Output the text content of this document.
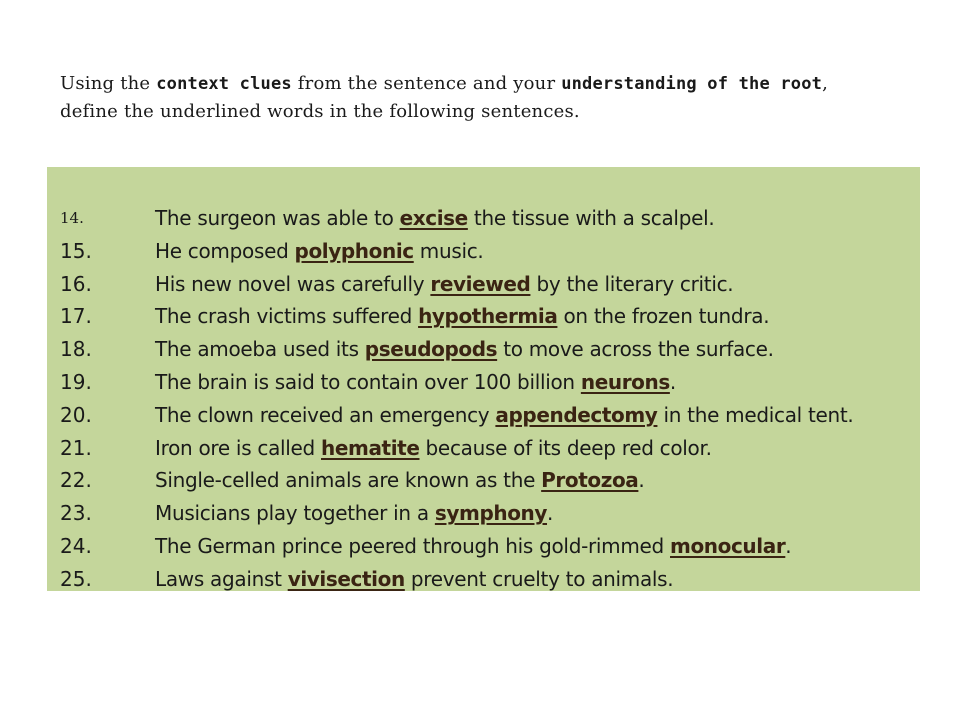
Using the context clues from the sentence and your understanding of the root, define the underlined words in the following sentences.
14.	The surgeon was able to excise the tissue with a scalpel.
15.	He composed polyphonic music.
16.	His new novel was carefully reviewed by the literary critic.
17.	The crash victims suffered hypothermia on the frozen tundra.
18.	The amoeba used its pseudopods to move across the surface.
19.	The brain is said to contain over 100 billion neurons.
20.	The clown received an emergency appendectomy in the medical tent.
21.	Iron ore is called hematite because of its deep red color.
22.	Single-celled animals are known as the Protozoa.
23.	Musicians play together in a symphony.
24.	The German prince peered through his gold-rimmed monocular.
25.	Laws against vivisection prevent cruelty to animals.
